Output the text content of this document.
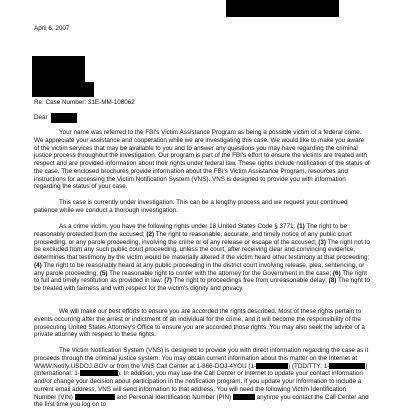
April 6, 2007

Re: Case Number: 31E-MM-108062

Dear

Your name was referred to the FBI's Victim Assistance Program as being a possible victim of a federal crime. We appreciate your assistance and cooperation while we are investigating this case. We would like to make you aware of the victim services that may be available to you and to answer any questions you may have regarding the criminal justice process throughout the investigation. Our program is part of the FBI's effort to ensure the victims are treated with respect and are provided information about their rights under federal law. These rights include notification of the status of the case. The enclosed brochures provide information about the FBI's Victim Assistance Program, resources and instructions for accessing the Victim Notification System (VNS). VNS is designed to provide you with information regarding the status of your case.

This case is currently under investigation. This can be a lengthy process and we request your continued patience while we conduct a thorough investigation.

As a crime victim, you have the following rights under 18 United States Code § 3771: (1) The right to be reasonably protected from the accused; (2) The right to reasonable, accurate, and timely notice of any public court proceeding, or any parole proceeding, involving the crime or of any release or escape of the accused; (3) The right not to be excluded from any such public court proceeding, unless the court, after receiving clear and convincing evidence, determines that testimony by the victim would be materially altered if the victim heard other testimony at that proceeding; (4) The right to be reasonably heard at any public proceeding in the district court involving release, plea, sentencing, or any parole proceeding; (5) The reasonable right to confer with the attorney for the Government in the case; (6) The right to full and timely restitution as provided in law; (7) The right to proceedings free from unreasonable delay; (8) The right to be treated with fairness and with respect for the victim's dignity and privacy.

We will make our best efforts to ensure you are accorded the rights described. Most of these rights pertain to events occurring after the arrest or indictment of an individual for the crime, and it will become the responsibility of the prosecuting United States Attorney's Office to ensure you are accorded those rights. You may also seek the advice of a private attorney with respect to these rights.

The Victim Notification System (VNS) is designed to provide you with direct information regarding the case as it proceeds through the criminal justice system. You may obtain current information about this matter on the Internet at WWW.Notify.USDOJ.GOV or from the VNS Call Center at 1-866-DOJ-4YOU (1-	) (TDD/TTY: 1-	) (International: 1-	). In addition, you may use the Call Center or Internet to update your contact information and/or change your decision about participation in the notification program. If you update your information to include a current email address, VNS will send information to that address. You will need the following Victim Identification Number (VIN)	and Personal Identification Number (PIN)	anytime you contact the Call Center and the first time you log on to
